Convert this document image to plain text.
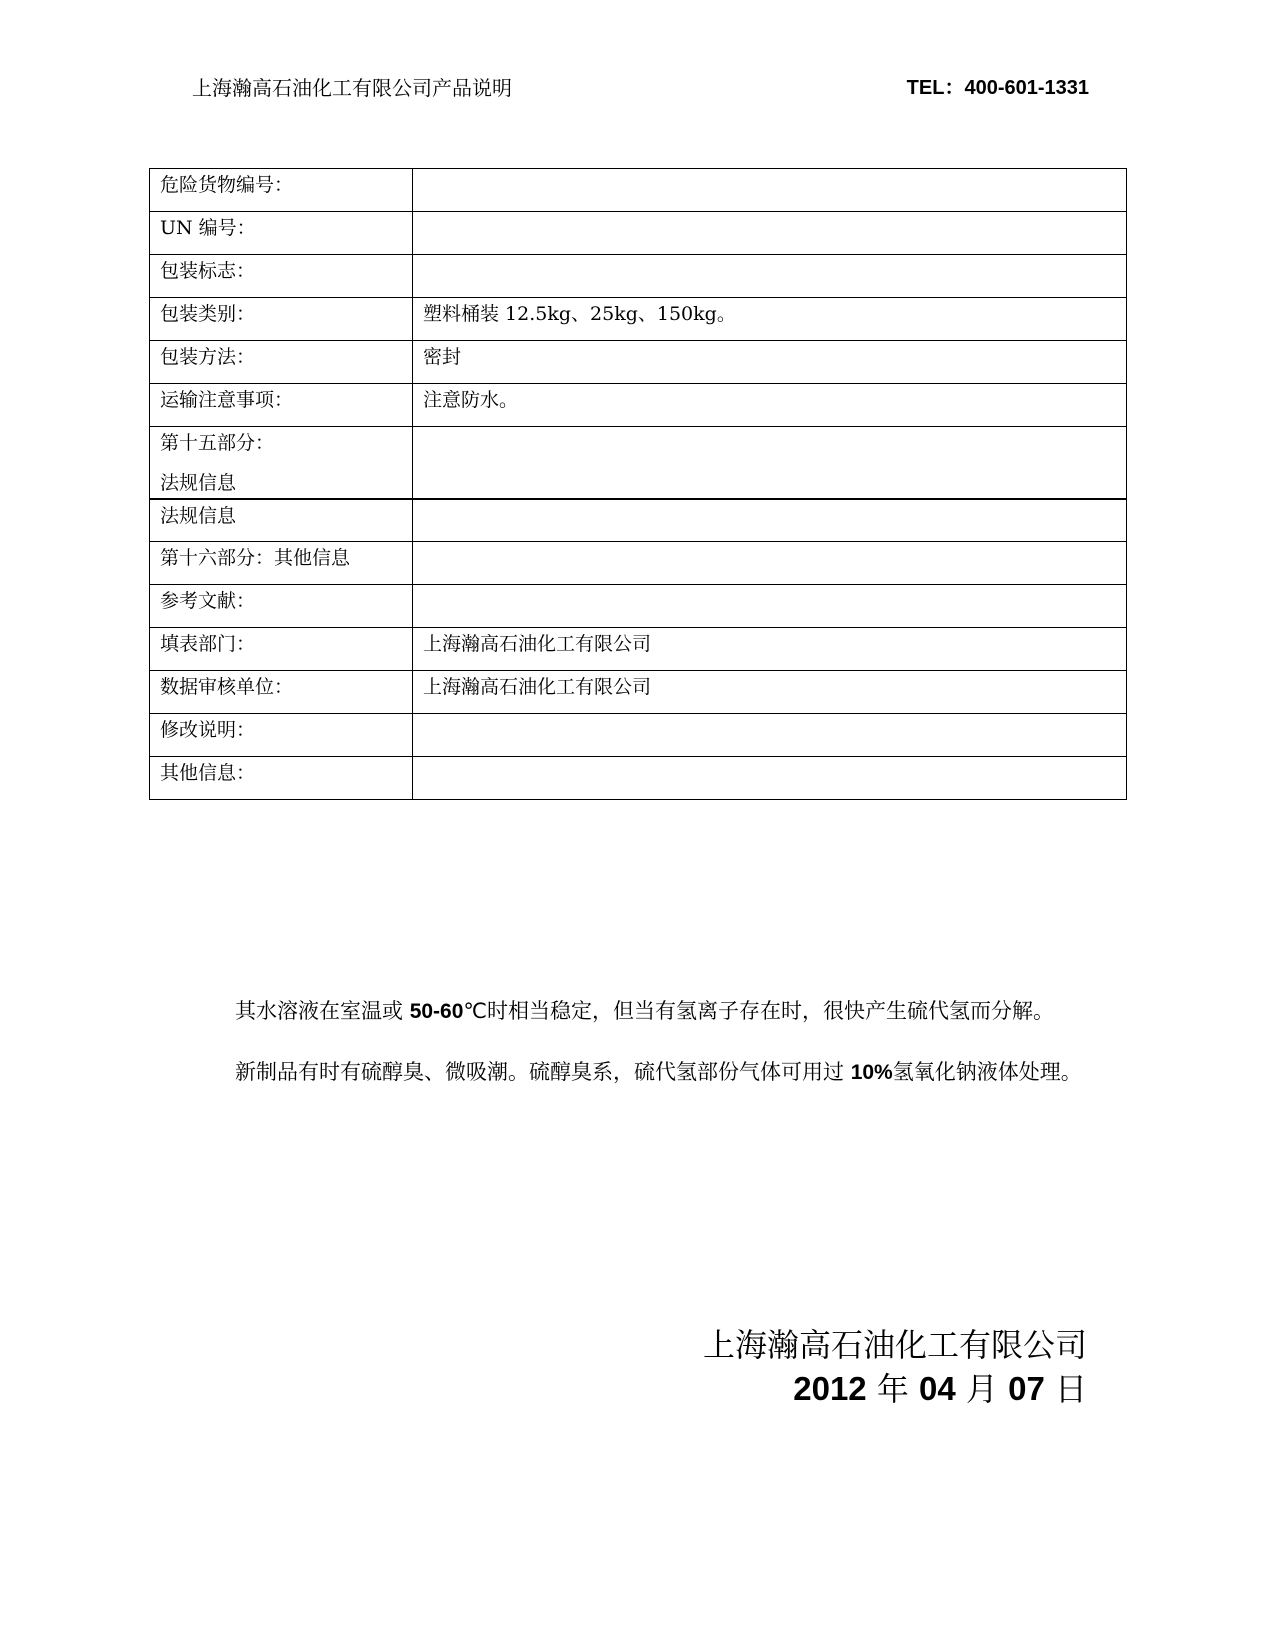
上海瀚高石油化工有限公司产品说明	TEL：400-601-1331
危险货物编号：	
UN 编号：	
包装标志：	
包装类别：	塑料桶装 12.5kg、25kg、150kg。
包装方法：	密封
运输注意事项：	注意防水。
第十五部分：
法规信息	

法规信息	
第十六部分：其他信息	
参考文献：	
填表部门：	上海瀚高石油化工有限公司
数据审核单位：	上海瀚高石油化工有限公司
修改说明：	
其他信息：	
其水溶液在室温或 50-60℃时相当稳定，但当有氢离子存在时，很快产生硫代氢而分解。
新制品有时有硫醇臭、微吸潮。硫醇臭系，硫代氢部份气体可用过 10%氢氧化钠液体处理。
上海瀚高石油化工有限公司
2012 年 04 月 07 日
